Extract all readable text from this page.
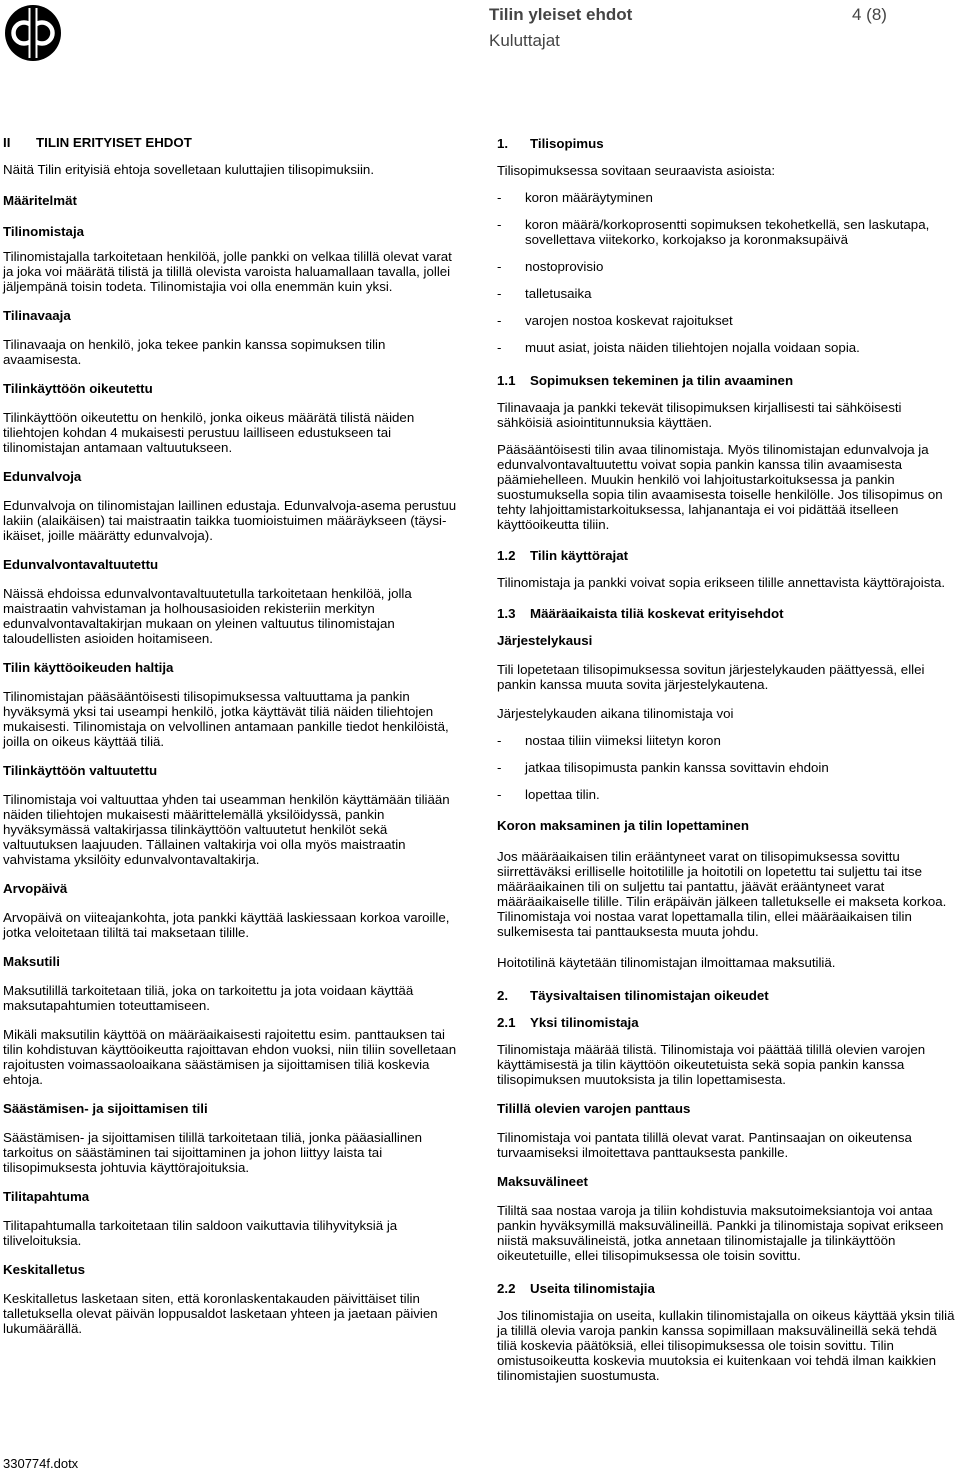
Tilin yleiset ehdot	4 (8)
Kuluttajat
II	TILIN ERITYISET EHDOT

Näitä Tilin erityisiä ehtoja sovelletaan kuluttajien tilisopimuksiin.

Määritelmät

Tilinomistaja

Tilinomistajalla tarkoitetaan henkilöä, jolle pankki on velkaa tilillä olevat varat ja joka voi määrätä tilistä ja tilillä olevista varoista haluamallaan tavalla, jollei jäljempänä toisin todeta. Tilinomistajia voi olla enemmän kuin yksi.

Tilinavaaja

Tilinavaaja on henkilö, joka tekee pankin kanssa sopimuksen tilin avaamisesta.

Tilinkäyttöön oikeutettu

Tilinkäyttöön oikeutettu on henkilö, jonka oikeus määrätä tilistä näiden tiliehtojen kohdan 4 mukaisesti perustuu lailliseen edustukseen tai tilinomistajan antamaan valtuutukseen.

Edunvalvoja

Edunvalvoja on tilinomistajan laillinen edustaja. Edunvalvoja-asema perustuu lakiin (alaikäisen) tai maistraatin taikka tuomioistuimen määräykseen (täysi-ikäiset, joille määrätty edunvalvoja).

Edunvalvontavaltuutettu

Näissä ehdoissa edunvalvontavaltuutetulla tarkoitetaan henkilöä, jolla maistraatin vahvistaman ja holhousasioiden rekisteriin merkityn edunvalvontavaltakirjan mukaan on yleinen valtuutus tilinomistajan taloudellisten asioiden hoitamiseen.

Tilin käyttöoikeuden haltija

Tilinomistajan pääsääntöisesti tilisopimuksessa valtuuttama ja pankin hyväksymä yksi tai useampi henkilö, jotka käyttävät tiliä näiden tiliehtojen mukaisesti. Tilinomistaja on velvollinen antamaan pankille tiedot henkilöistä, joilla on oikeus käyttää tiliä.

Tilinkäyttöön valtuutettu

Tilinomistaja voi valtuuttaa yhden tai useamman henkilön käyttämään tiliään näiden tiliehtojen mukaisesti määrittelemällä yksilöidyssä, pankin hyväksymässä valtakirjassa tilinkäyttöön valtuutetut henkilöt sekä valtuutuksen laajuuden. Tällainen valtakirja voi olla myös maistraatin vahvistama yksilöity edunvalvontavaltakirja.

Arvopäivä

Arvopäivä on viiteajankohta, jota pankki käyttää laskiessaan korkoa varoille, jotka veloitetaan tililtä tai maksetaan tilille.

Maksutili

Maksutilillä tarkoitetaan tiliä, joka on tarkoitettu ja jota voidaan käyttää maksutapahtumien toteuttamiseen.

Mikäli maksutilin käyttöä on määräaikaisesti rajoitettu esim. panttauksen tai tilin kohdistuvan käyttöoikeutta rajoittavan ehdon vuoksi, niin tiliin sovelletaan rajoitusten voimassaoloaikana säästämisen ja sijoittamisen tiliä koskevia ehtoja.

Säästämisen- ja sijoittamisen tili

Säästämisen- ja sijoittamisen tilillä tarkoitetaan tiliä, jonka pääasiallinen tarkoitus on säästäminen tai sijoittaminen ja johon liittyy laista tai tilisopimuksesta johtuvia käyttörajoituksia.

Tilitapahtuma

Tilitapahtumalla tarkoitetaan tilin saldoon vaikuttavia tilihyvityksiä ja tiliveloituksia.

Keskitalletus

Keskitalletus lasketaan siten, että koronlaskentakauden päivittäiset tilin talletuksella olevat päivän loppusaldot lasketaan yhteen ja jaetaan päivien lukumäärällä.

1.	Tilisopimus

Tilisopimuksessa sovitaan seuraavista asioista:

-	koron määräytyminen
-	koron määrä/korkoprosentti sopimuksen tekohetkellä, sen laskutapa, sovellettava viitekorko, korkojakso ja koronmaksupäivä
-	nostoprovisio
-	talletusaika
-	varojen nostoa koskevat rajoitukset
-	muut asiat, joista näiden tiliehtojen nojalla voidaan sopia.
1.1	Sopimuksen tekeminen ja tilin avaaminen

Tilinavaaja ja pankki tekevät tilisopimuksen kirjallisesti tai sähköisesti sähköisiä asiointitunnuksia käyttäen.

Pääsääntöisesti tilin avaa tilinomistaja. Myös tilinomistajan edunvalvoja ja edunvalvontavaltuutettu voivat sopia pankin kanssa tilin avaamisesta päämiehelleen. Muukin henkilö voi lahjoitustarkoituksessa ja pankin suostumuksella sopia tilin avaamisesta toiselle henkilölle. Jos tilisopimus on tehty lahjoittamistarkoituksessa, lahjanantaja ei voi pidättää itselleen käyttöoikeutta tiliin.

1.2	Tilin käyttörajat

Tilinomistaja ja pankki voivat sopia erikseen tilille annettavista käyttörajoista.

1.3	Määräaikaista tiliä koskevat erityisehdot

Järjestelykausi

Tili lopetetaan tilisopimuksessa sovitun järjestelykauden päättyessä, ellei pankin kanssa muuta sovita järjestelykautena.

Järjestelykauden aikana tilinomistaja voi

-	nostaa tiliin viimeksi liitetyn koron
-	jatkaa tilisopimusta pankin kanssa sovittavin ehdoin
-	lopettaa tilin.

Koron maksaminen ja tilin lopettaminen

Jos määräaikaisen tilin erääntyneet varat on tilisopimuksessa sovittu siirrettäväksi erilliselle hoitotilille ja hoitotili on lopetettu tai suljettu tai itse määräaikainen tili on suljettu tai pantattu, jäävät erääntyneet varat määräaikaiselle tilille. Tilin eräpäivän jälkeen talletukselle ei makseta korkoa. Tilinomistaja voi nostaa varat lopettamalla tilin, ellei määräaikaisen tilin sulkemisesta tai panttauksesta muuta johdu.

Hoitotilinä käytetään tilinomistajan ilmoittamaa maksutiliä.

2.	Täysivaltaisen tilinomistajan oikeudet
2.1	Yksi tilinomistaja

Tilinomistaja määrää tilistä. Tilinomistaja voi päättää tilillä olevien varojen käyttämisestä ja tilin käyttöön oikeutetuista sekä sopia pankin kanssa tilisopimuksen muutoksista ja tilin lopettamisesta.

Tilillä olevien varojen panttaus

Tilinomistaja voi pantata tilillä olevat varat. Pantinsaajan on oikeutensa turvaamiseksi ilmoitettava panttauksesta pankille.

Maksuvälineet

Tililtä saa nostaa varoja ja tiliin kohdistuvia maksutoimeksiantoja voi antaa pankin hyväksymillä maksuvälineillä. Pankki ja tilinomistaja sopivat erikseen niistä maksuvälineistä, jotka annetaan tilinomistajalle ja tilinkäyttöön oikeutetuille, ellei tilisopimuksessa ole toisin sovittu.

2.2	Useita tilinomistajia

Jos tilinomistajia on useita, kullakin tilinomistajalla on oikeus käyttää yksin tiliä ja tilillä olevia varoja pankin kanssa sopimillaan maksuvälineillä sekä tehdä tiliä koskevia päätöksiä, ellei tilisopimuksessa ole toisin sovittu. Tilin omistusoikeutta koskevia muutoksia ei kuitenkaan voi tehdä ilman kaikkien tilinomistajien suostumusta.

330774f.dotx
